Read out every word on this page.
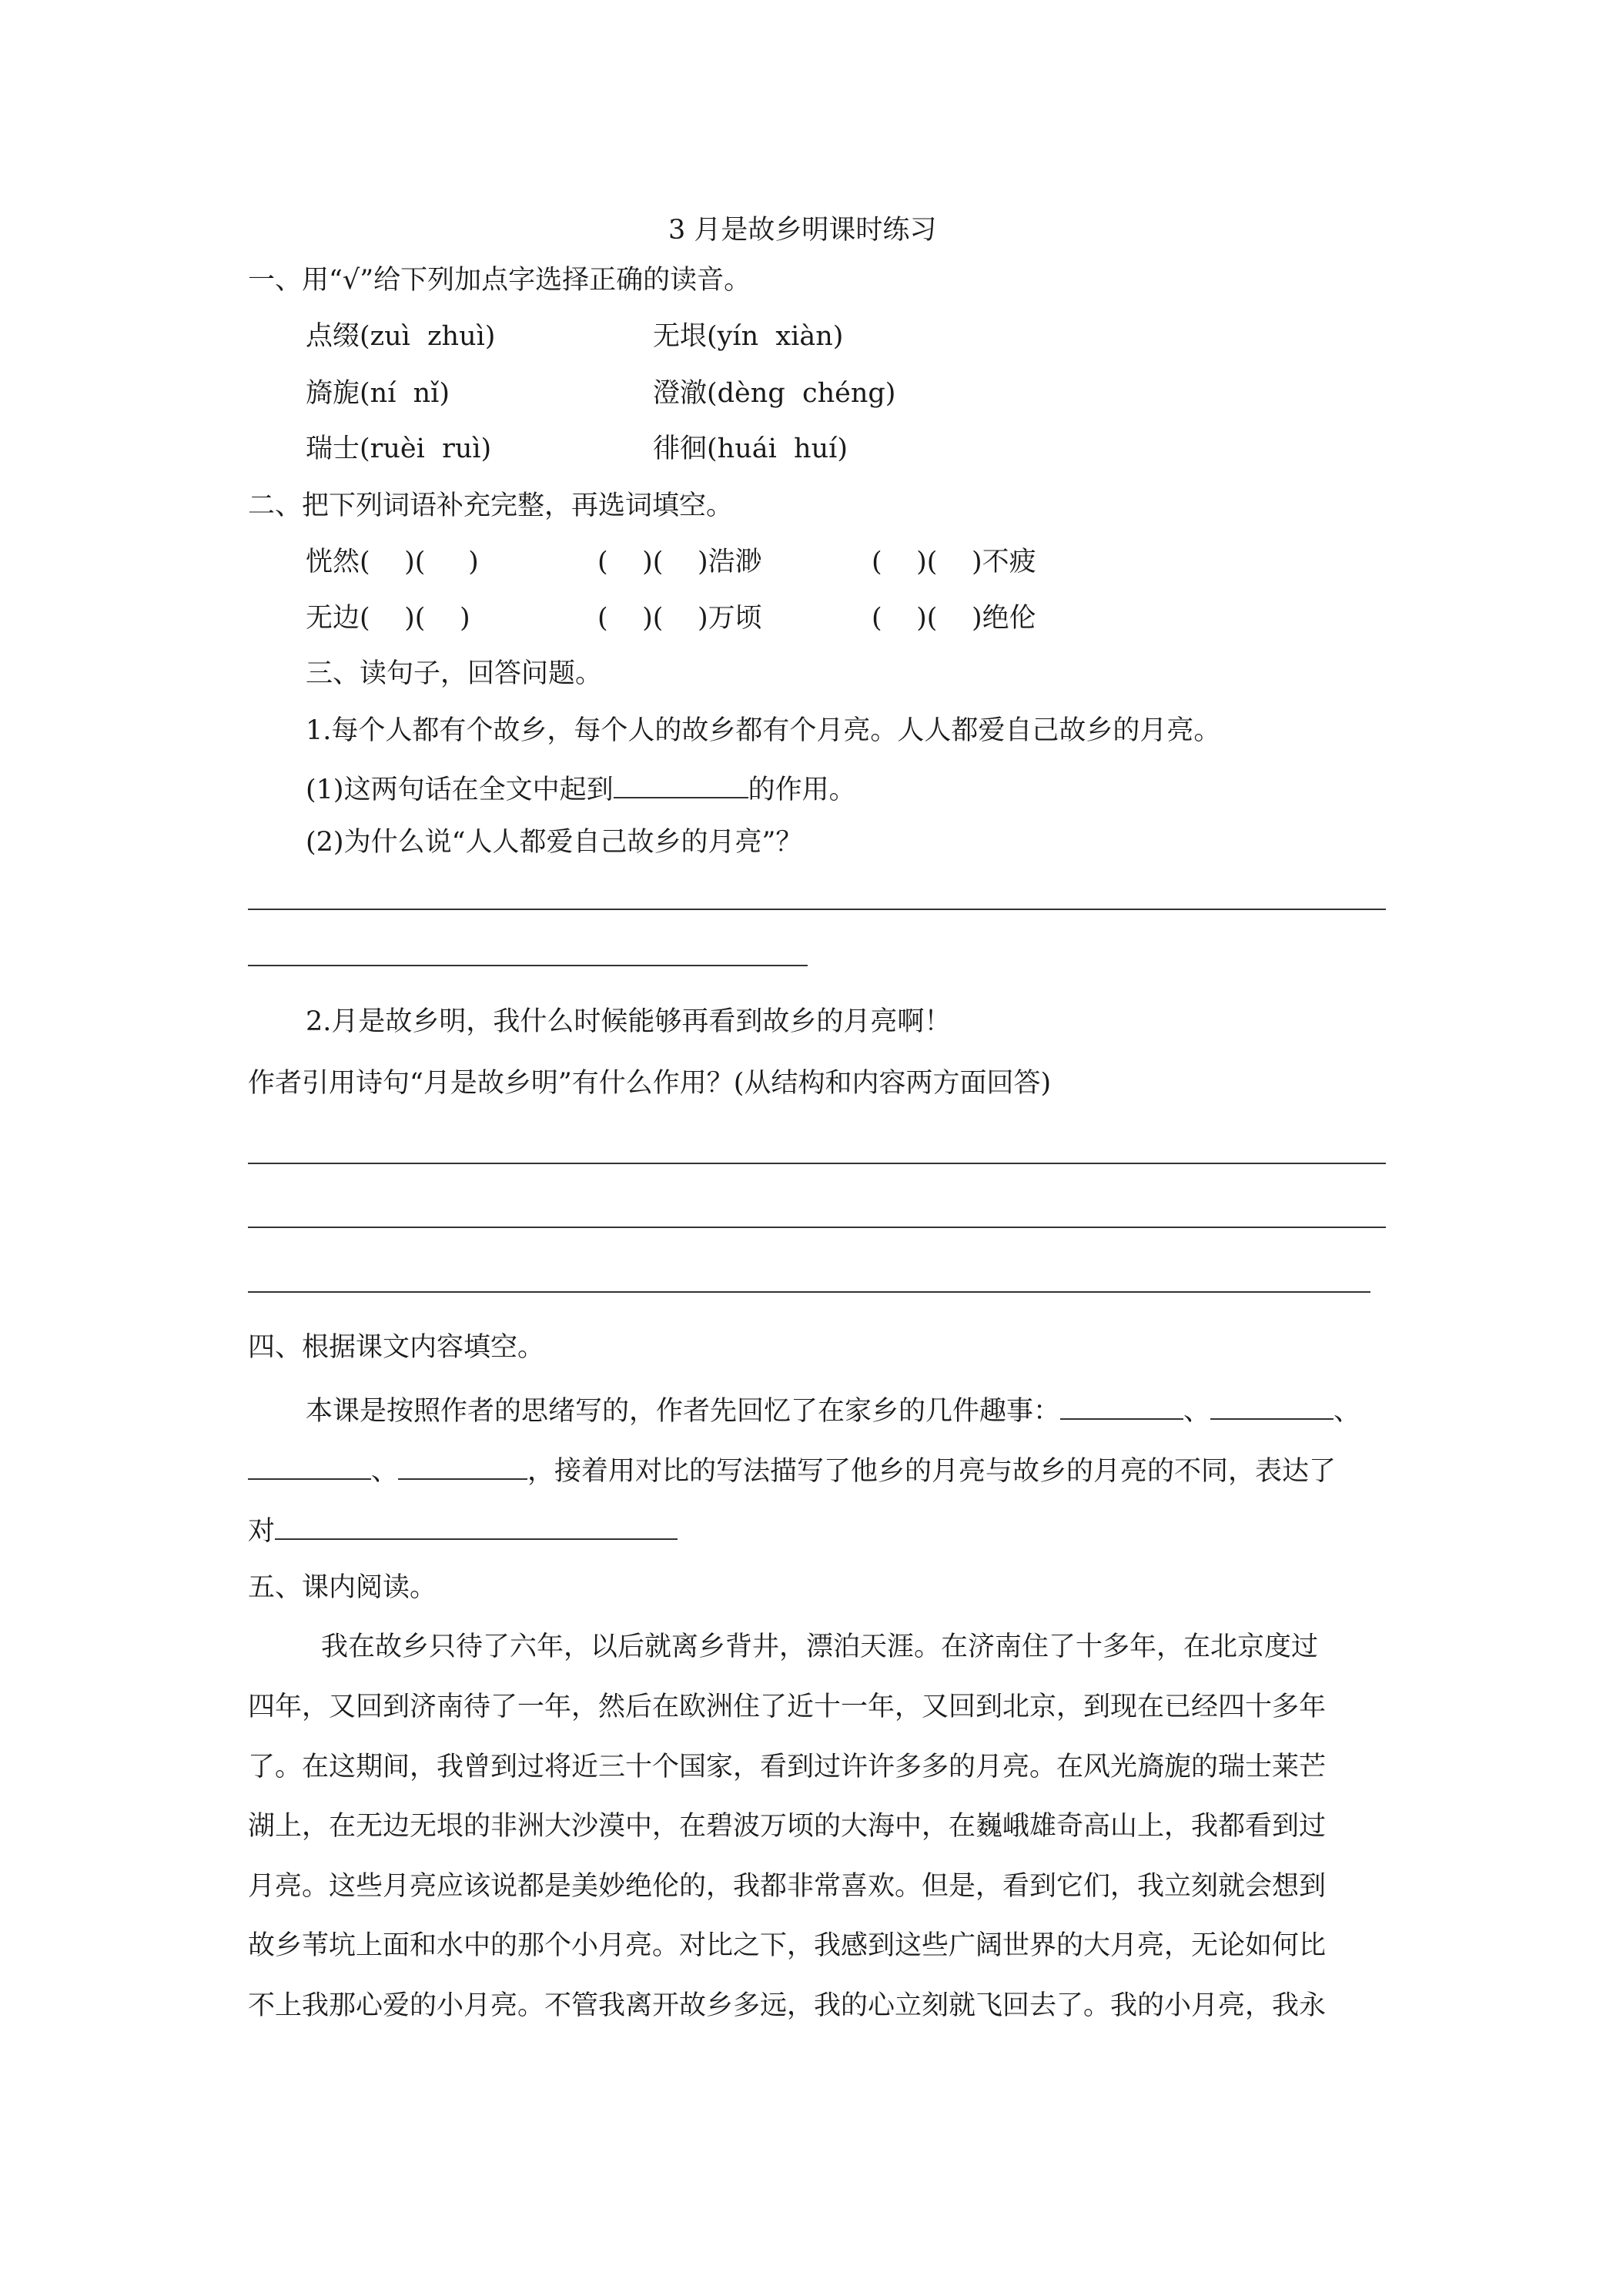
3 月是故乡明课时练习
一、用“√”给下列加点字选择正确的读音。
点缀(zuì  zhuì)	无垠(yín  xiàn)
旖旎(ní  nǐ)	澄澈(dèng  chéng)
瑞士(ruèi  ruì)	徘徊(huái  huí)
二、把下列词语补充完整，再选词填空。
恍然(    )(     )	(    )(    )浩渺	(    )(    )不疲
无边(    )(    )	(    )(    )万顷	(    )(    )绝伦
三、读句子，回答问题。
1.每个人都有个故乡，每个人的故乡都有个月亮。人人都爱自己故乡的月亮。
(1)这两句话在全文中起到	的作用。
(2)为什么说“人人都爱自己故乡的月亮”？
2.月是故乡明，我什么时候能够再看到故乡的月亮啊！
作者引用诗句“月是故乡明”有什么作用？(从结构和内容两方面回答)
四、根据课文内容填空。
本课是按照作者的思绪写的，作者先回忆了在家乡的几件趣事：	、	、
、	，接着用对比的写法描写了他乡的月亮与故乡的月亮的不同，表达了
对
五、课内阅读。
我在故乡只待了六年，以后就离乡背井，漂泊天涯。在济南住了十多年，在北京度过
四年，又回到济南待了一年，然后在欧洲住了近十一年，又回到北京，到现在已经四十多年
了。在这期间，我曾到过将近三十个国家，看到过许许多多的月亮。在风光旖旎的瑞士莱芒
湖上，在无边无垠的非洲大沙漠中，在碧波万顷的大海中，在巍峨雄奇高山上，我都看到过
月亮。这些月亮应该说都是美妙绝伦的，我都非常喜欢。但是，看到它们，我立刻就会想到
故乡苇坑上面和水中的那个小月亮。对比之下，我感到这些广阔世界的大月亮，无论如何比
不上我那心爱的小月亮。不管我离开故乡多远，我的心立刻就飞回去了。我的小月亮，我永
